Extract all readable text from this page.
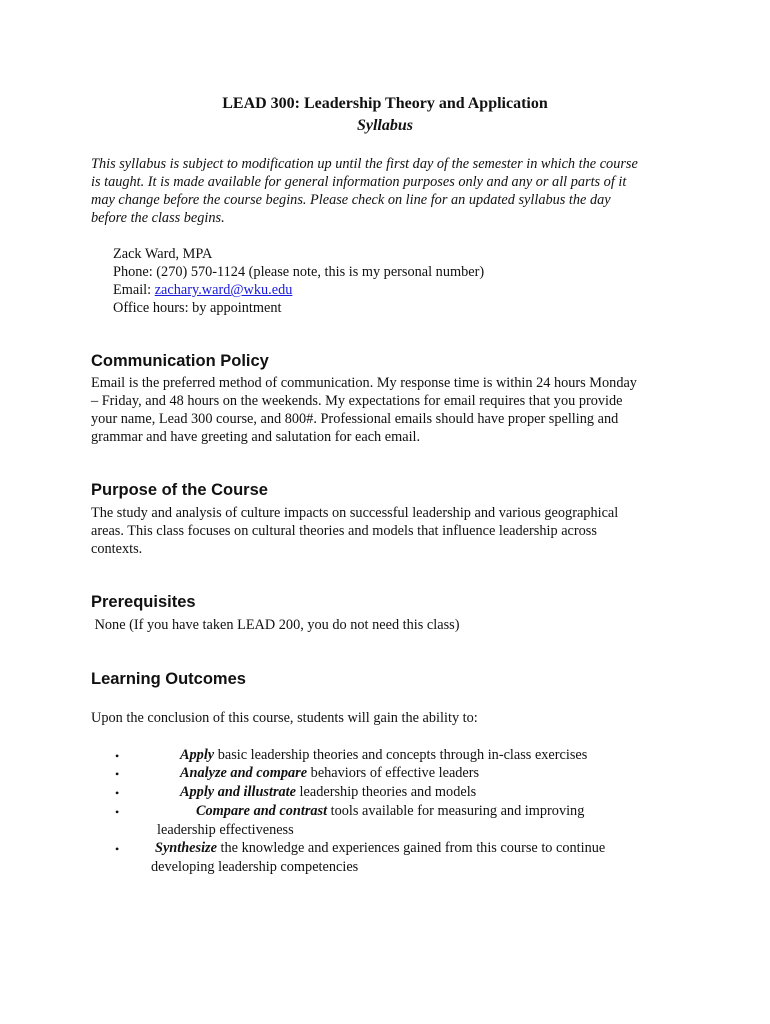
LEAD 300: Leadership Theory and Application
Syllabus
This syllabus is subject to modification up until the first day of the semester in which the course
is taught. It is made available for general information purposes only and any or all parts of it
may change before the course begins. Please check on line for an updated syllabus the day
before the class begins.
Zack Ward, MPA
Phone: (270) 570-1124 (please note, this is my personal number)
Email: zachary.ward@wku.edu
Office hours: by appointment
Communication Policy
Email is the preferred method of communication. My response time is within 24 hours Monday
– Friday, and 48 hours on the weekends. My expectations for email requires that you provide
your name, Lead 300 course, and 800#. Professional emails should have proper spelling and
grammar and have greeting and salutation for each email.
Purpose of the Course
The study and analysis of culture impacts on successful leadership and various geographical
areas. This class focuses on cultural theories and models that influence leadership across
contexts.
Prerequisites
None (If you have taken LEAD 200, you do not need this class)
Learning Outcomes
Upon the conclusion of this course, students will gain the ability to:
•	Apply basic leadership theories and concepts through in-class exercises
•	Analyze and compare behaviors of effective leaders
•	Apply and illustrate leadership theories and models
•	Compare and contrast tools available for measuring and improving
leadership effectiveness
•	Synthesize the knowledge and experiences gained from this course to continue
developing leadership competencies
